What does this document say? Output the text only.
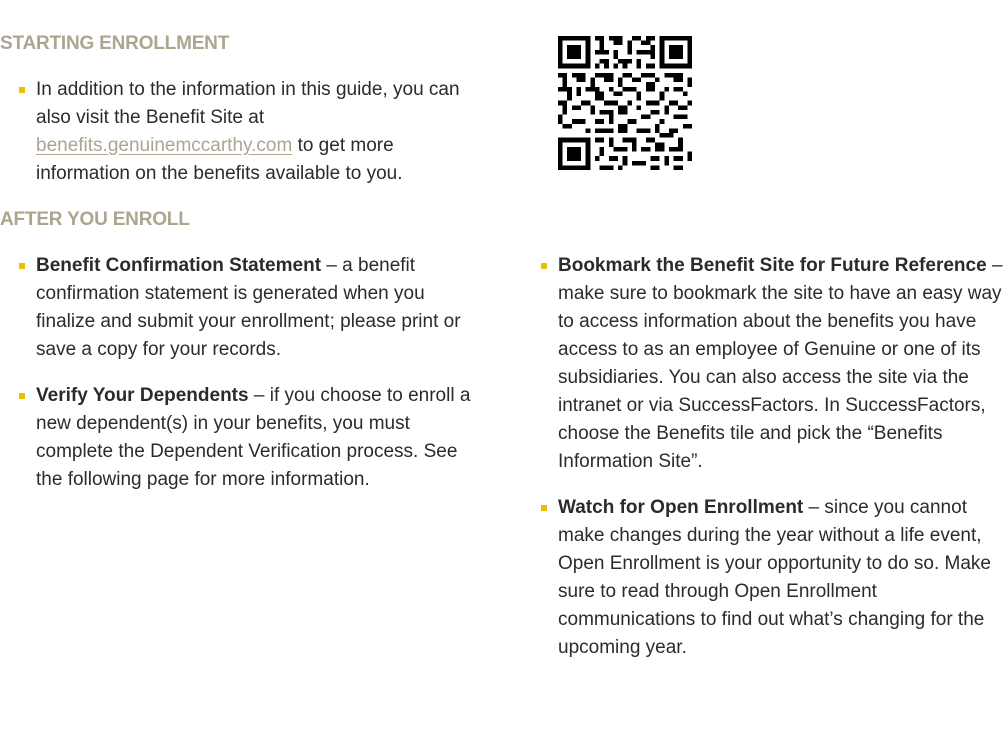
STARTING ENROLLMENT

In addition to the information in this guide, you can also visit the Benefit Site at benefits.genuinemccarthy.com to get more information on the benefits available to you.

AFTER YOU ENROLL

Benefit Confirmation Statement – a benefit confirmation statement is generated when you finalize and submit your enrollment; please print or save a copy for your records.

Verify Your Dependents – if you choose to enroll a new dependent(s) in your benefits, you must complete the Dependent Verification process. See the following page for more information.

Bookmark the Benefit Site for Future Reference – make sure to bookmark the site to have an easy way to access information about the benefits you have access to as an employee of Genuine or one of its subsidiaries. You can also access the site via the intranet or via SuccessFactors. In SuccessFactors, choose the Benefits tile and pick the “Benefits Information Site”.

Watch for Open Enrollment – since you cannot make changes during the year without a life event, Open Enrollment is your opportunity to do so. Make sure to read through Open Enrollment communications to find out what’s changing for the upcoming year.
